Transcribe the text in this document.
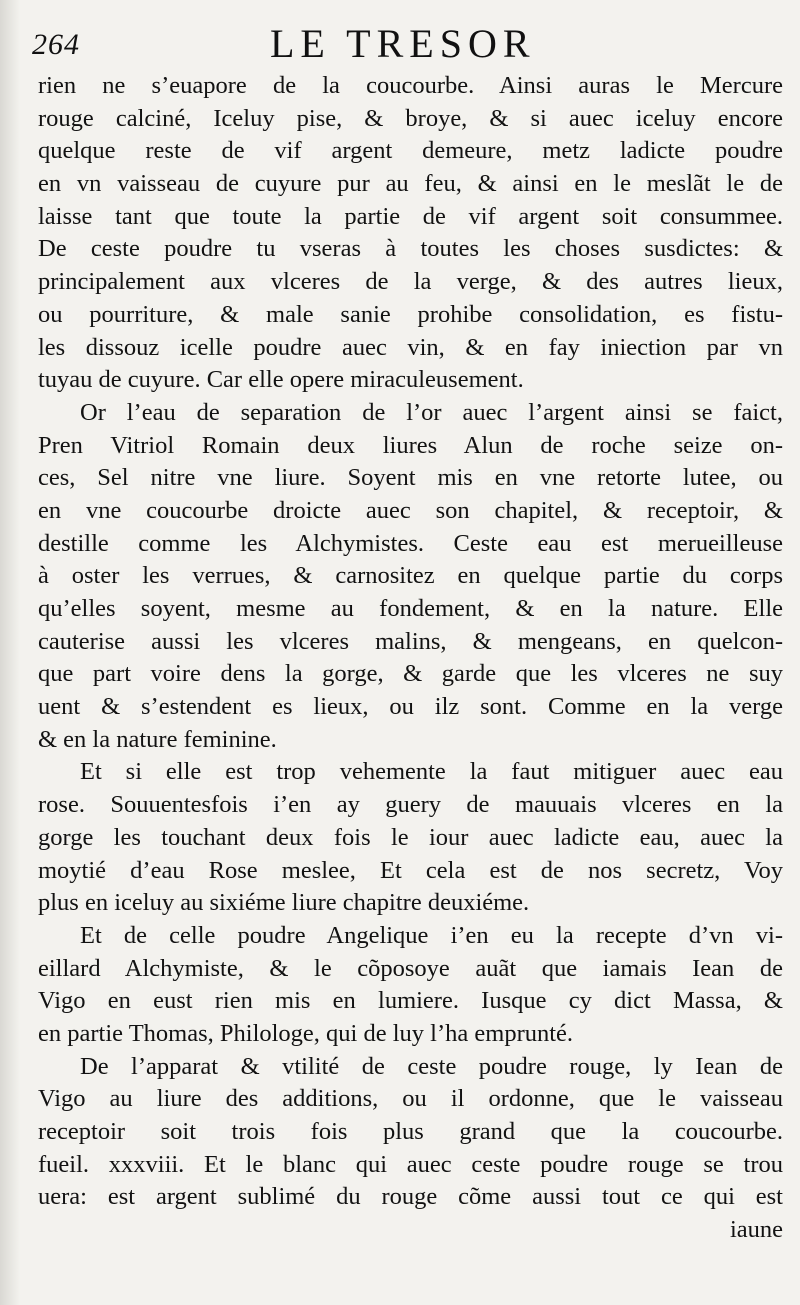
264	LE TRESOR
rien ne s’euapore de la coucourbe. Ainsi auras le Mercure
rouge calciné, Iceluy pise, & broye, & si auec iceluy encore
quelque reste de vif argent demeure, metz ladicte poudre
en vn vaisseau de cuyure pur au feu, & ainsi en le meslãt le de
laisse tant que toute la partie de vif argent soit consummee.
De ceste poudre tu vseras à toutes les choses susdictes: &
principalement aux vlceres de la verge, & des autres lieux,
ou pourriture, & male sanie prohibe consolidation, es fistu-
les dissouz icelle poudre auec vin, & en fay iniection par vn
tuyau de cuyure. Car elle opere miraculeusement.
Or l’eau de separation de l’or auec l’argent ainsi se faict,
Pren Vitriol Romain deux liures Alun de roche seize on-
ces, Sel nitre vne liure. Soyent mis en vne retorte lutee, ou
en vne coucourbe droicte auec son chapitel, & receptoir, &
destille comme les Alchymistes. Ceste eau est merueilleuse
à oster les verrues, & carnositez en quelque partie du corps
qu’elles soyent, mesme au fondement, & en la nature. Elle
cauterise aussi les vlceres malins, & mengeans, en quelcon-
que part voire dens la gorge, & garde que les vlceres ne suy
uent & s’estendent es lieux, ou ilz sont. Comme en la verge
& en la nature feminine.
Et si elle est trop vehemente la faut mitiguer auec eau
rose. Souuentesfois i’en ay guery de mauuais vlceres en la
gorge les touchant deux fois le iour auec ladicte eau, auec la
moytié d’eau Rose meslee, Et cela est de nos secretz, Voy
plus en iceluy au sixiéme liure chapitre deuxiéme.
Et de celle poudre Angelique i’en eu la recepte d’vn vi-
eillard Alchymiste, & le cõposoye auãt que iamais Iean de
Vigo en eust rien mis en lumiere. Iusque cy dict Massa, &
en partie Thomas, Philologe, qui de luy l’ha emprunté.
De l’apparat & vtilité de ceste poudre rouge, ly Iean de
Vigo au liure des additions, ou il ordonne, que le vaisseau
receptoir soit trois fois plus grand que la coucourbe.
fueil. xxxviii. Et le blanc qui auec ceste poudre rouge se trou
uera: est argent sublimé du rouge cõme aussi tout ce qui est
iaune
